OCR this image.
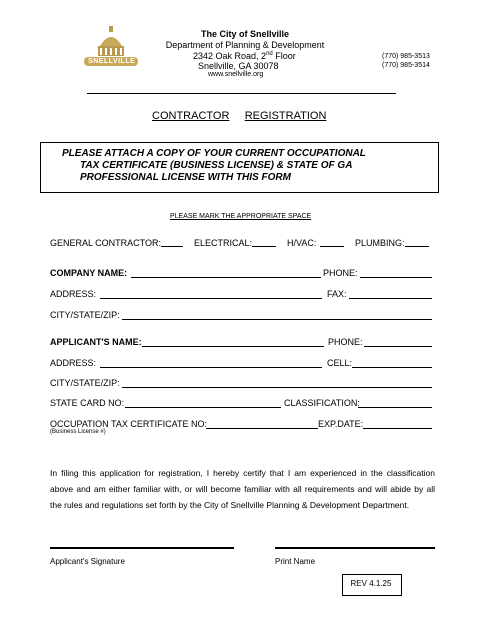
SNELLVILLE
The City of Snellville
Department of Planning & Development
2342 Oak Road, 2nd Floor
Snellville, GA 30078
www.snellville.org
(770) 985-3513
(770) 985-3514
CONTRACTOR REGISTRATION
PLEASE ATTACH A COPY OF YOUR CURRENT OCCUPATIONAL
TAX CERTIFICATE (BUSINESS LICENSE) & STATE OF GA
PROFESSIONAL LICENSE WITH THIS FORM
PLEASE MARK THE APPROPRIATE SPACE
GENERAL CONTRACTOR:	ELECTRICAL:	H/VAC:	PLUMBING:
COMPANY NAME:	PHONE:
ADDRESS:	FAX:
CITY/STATE/ZIP:
APPLICANT'S NAME:	PHONE:
ADDRESS:	CELL:
CITY/STATE/ZIP:
STATE CARD NO:	CLASSIFICATION:
OCCUPATION TAX CERTIFICATE NO:	EXP.DATE:
(Business License #)
In filing this application for registration, I hereby certify that I am experienced in the classification
above and am either familiar with, or will become familiar with all requirements and will abide by all
the rules and regulations set forth by the City of Snellville Planning & Development Department.
Applicant's Signature	Print Name
REV 4.1.25
